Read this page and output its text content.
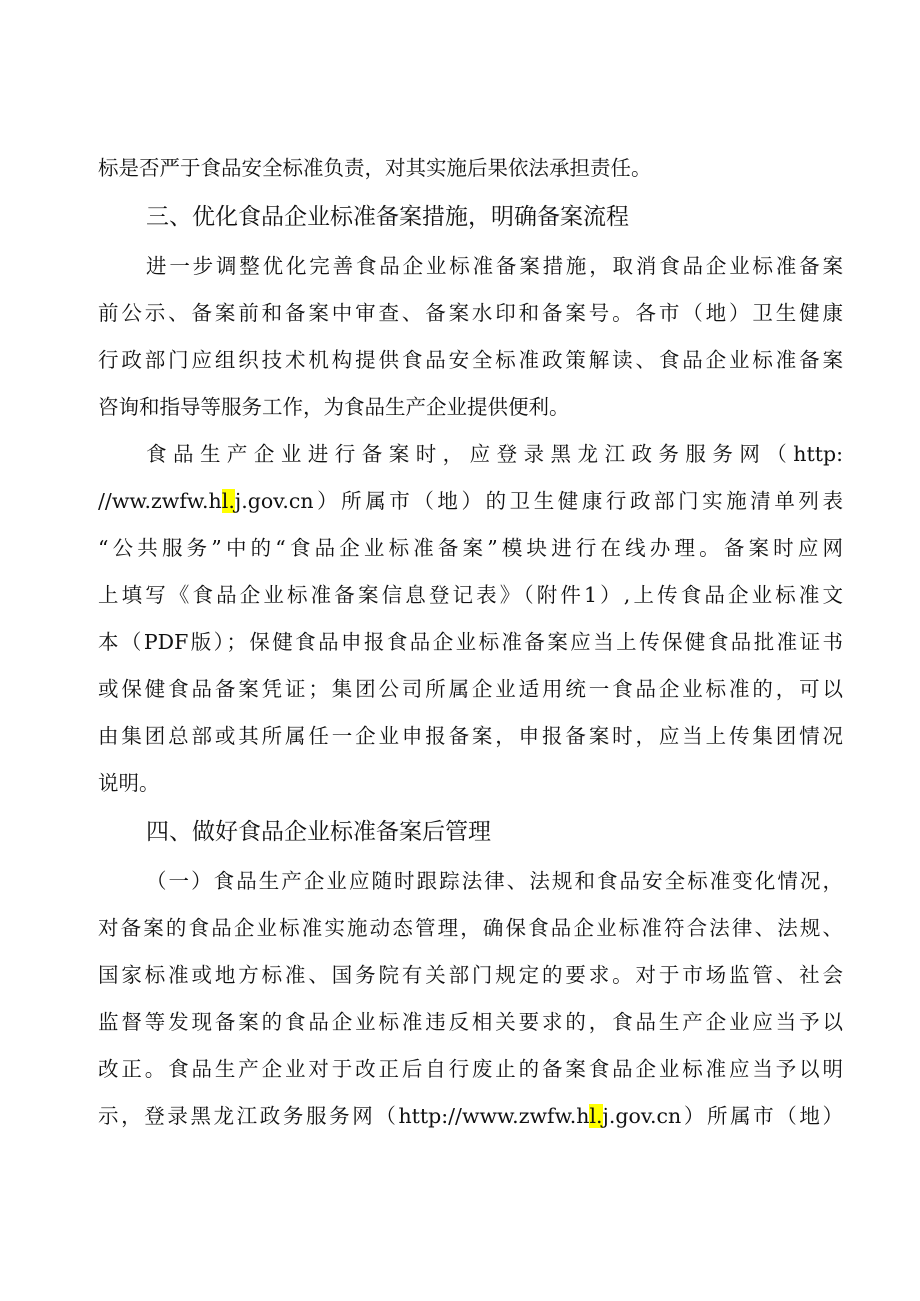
标是否严于食品安全标准负责，对其实施后果依法承担责任。
三、优化食品企业标准备案措施，明确备案流程
进一步调整优化完善食品企业标准备案措施，取消食品企业标准备案
前公示、备案前和备案中审查、备案水印和备案号。各市（地）卫生健康
行政部门应组织技术机构提供食品安全标准政策解读、食品企业标准备案
咨询和指导等服务工作，为食品生产企业提供便利。
食品生产企业进行备案时，应登录黑龙江政务服务网（http:
//ww.zwfw.hl.j.gov.cn）所属市（地）的卫生健康行政部门实施清单列表
“公共服务”中的“食品企业标准备案”模块进行在线办理。备案时应网
上填写《食品企业标准备案信息登记表》（附件1）,上传食品企业标准文
本（PDF版）；保健食品申报食品企业标准备案应当上传保健食品批准证书
或保健食品备案凭证；集团公司所属企业适用统一食品企业标准的，可以
由集团总部或其所属任一企业申报备案，申报备案时，应当上传集团情况
说明。
四、做好食品企业标准备案后管理
（一）食品生产企业应随时跟踪法律、法规和食品安全标准变化情况，
对备案的食品企业标准实施动态管理，确保食品企业标准符合法律、法规、
国家标准或地方标准、国务院有关部门规定的要求。对于市场监管、社会
监督等发现备案的食品企业标准违反相关要求的，食品生产企业应当予以
改正。食品生产企业对于改正后自行废止的备案食品企业标准应当予以明
示，登录黑龙江政务服务网（http://www.zwfw.hl.j.gov.cn）所属市（地）
